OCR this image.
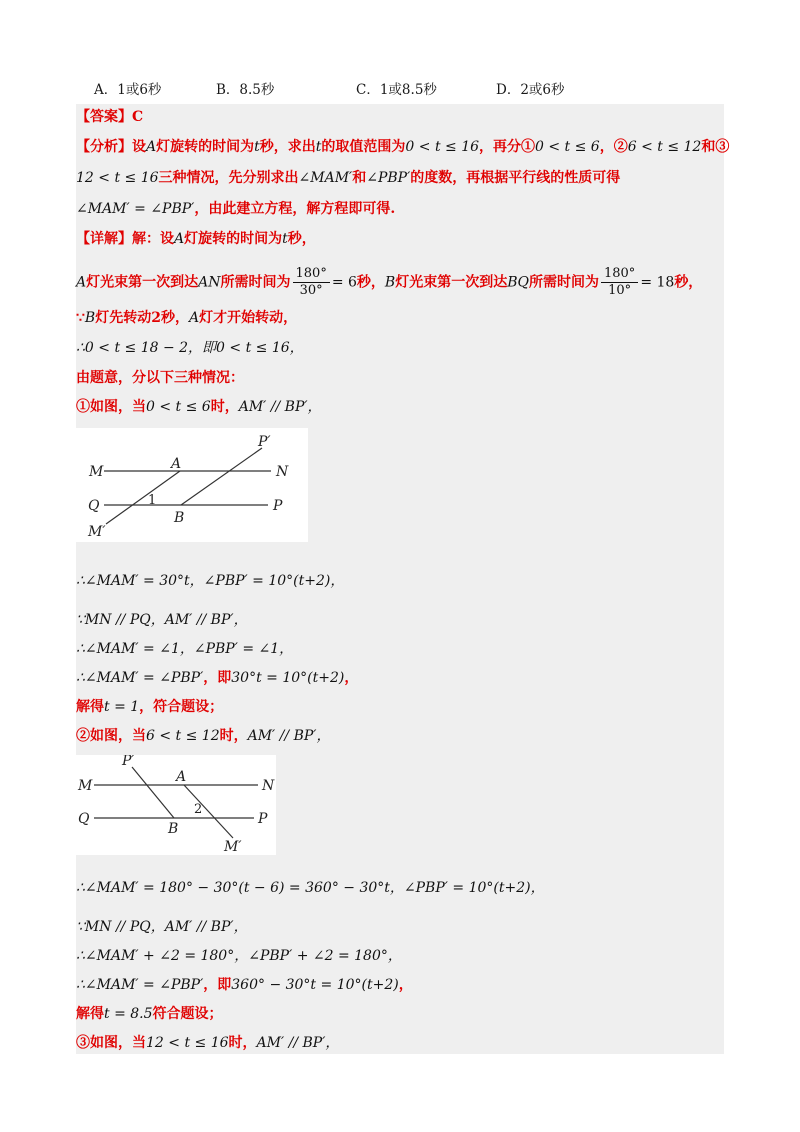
A．1或6秒	B．8.5秒	C．1或8.5秒	D．2或6秒
【答案】C
【分析】设A灯旋转的时间为t秒，求出t的取值范围为0 < t ≤ 16，再分①0 < t ≤ 6，②6 < t ≤ 12和③
12 < t ≤ 16三种情况，先分别求出∠MAM′和∠PBP′的度数，再根据平行线的性质可得
∠MAM′ = ∠PBP′，由此建立方程，解方程即可得.
【详解】解：设A灯旋转的时间为t秒，
A灯光束第一次到达AN所需时间为 $\frac{180^\circ}{30^\circ} = 6$秒，B灯光束第一次到达BQ所需时间为 $\frac{180^\circ}{10^\circ} = 18$秒，
∵B灯先转动2秒，A灯才开始转动，
∴0 < t ≤ 18 − 2，即0 < t ≤ 16，
由题意，分以下三种情况：
①如图，当0 < t ≤ 6时，AM′ // BP′，
M	A	N
P′
Q	1
B
P
M′
∴∠MAM′ = 30°t，∠PBP′ = 10°(t+2)，
∵MN // PQ，AM′ // BP′，
∴∠MAM′ = ∠1，∠PBP′ = ∠1，
∴∠MAM′ = ∠PBP′，即30°t = 10°(t+2)，
解得t = 1，符合题设；
②如图，当6 < t ≤ 12时，AM′ // BP′，
P′
A
M	N
2
Q
B
P
M′
∴∠MAM′ = 180° − 30°(t − 6) = 360° − 30°t，∠PBP′ = 10°(t+2)，
∵MN // PQ，AM′ // BP′，
∴∠MAM′ + ∠2 = 180°，∠PBP′ + ∠2 = 180°，
∴∠MAM′ = ∠PBP′，即360° − 30°t = 10°(t+2)，
解得t = 8.5符合题设；
③如图，当12 < t ≤ 16时，AM′ // BP′，
